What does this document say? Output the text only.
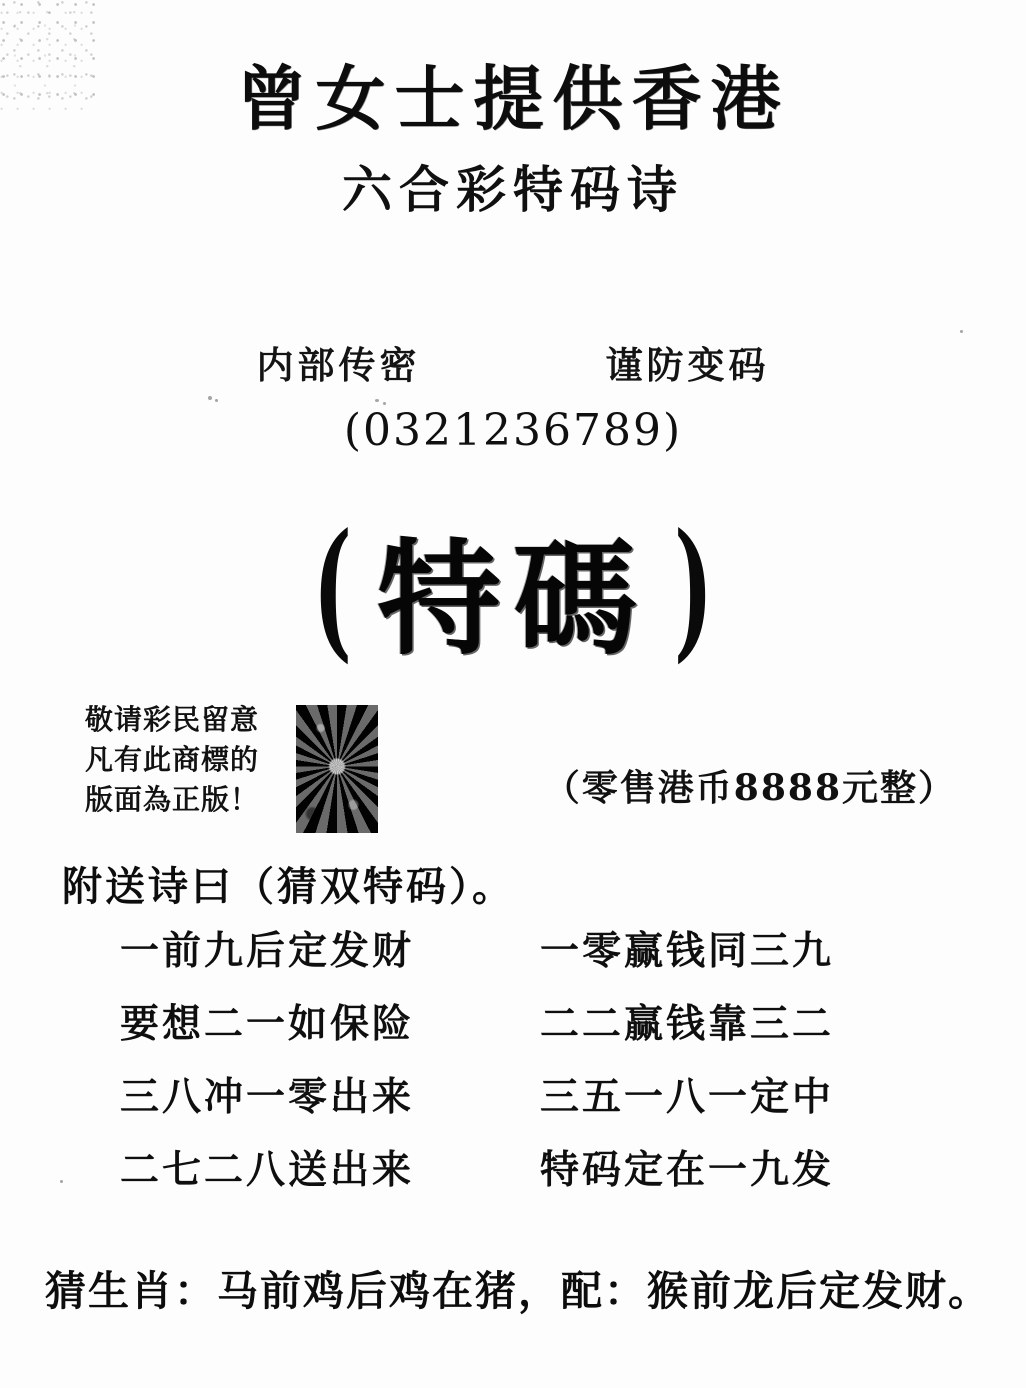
曾女士提供香港
六合彩特码诗
内部传密	谨防变码
(0321236789)
( 特碼 )
敬请彩民留意
凡有此商標的
版面為正版！	（零售港币8888元整）
附送诗曰（猜双特码）。
一前九后定发财	一零赢钱同三九
要想二一如保险	二二赢钱靠三二
三八冲一零出来	三五一八一定中
二七二八送出来	特码定在一九发
猜生肖：马前鸡后鸡在猪，配：猴前龙后定发财。
